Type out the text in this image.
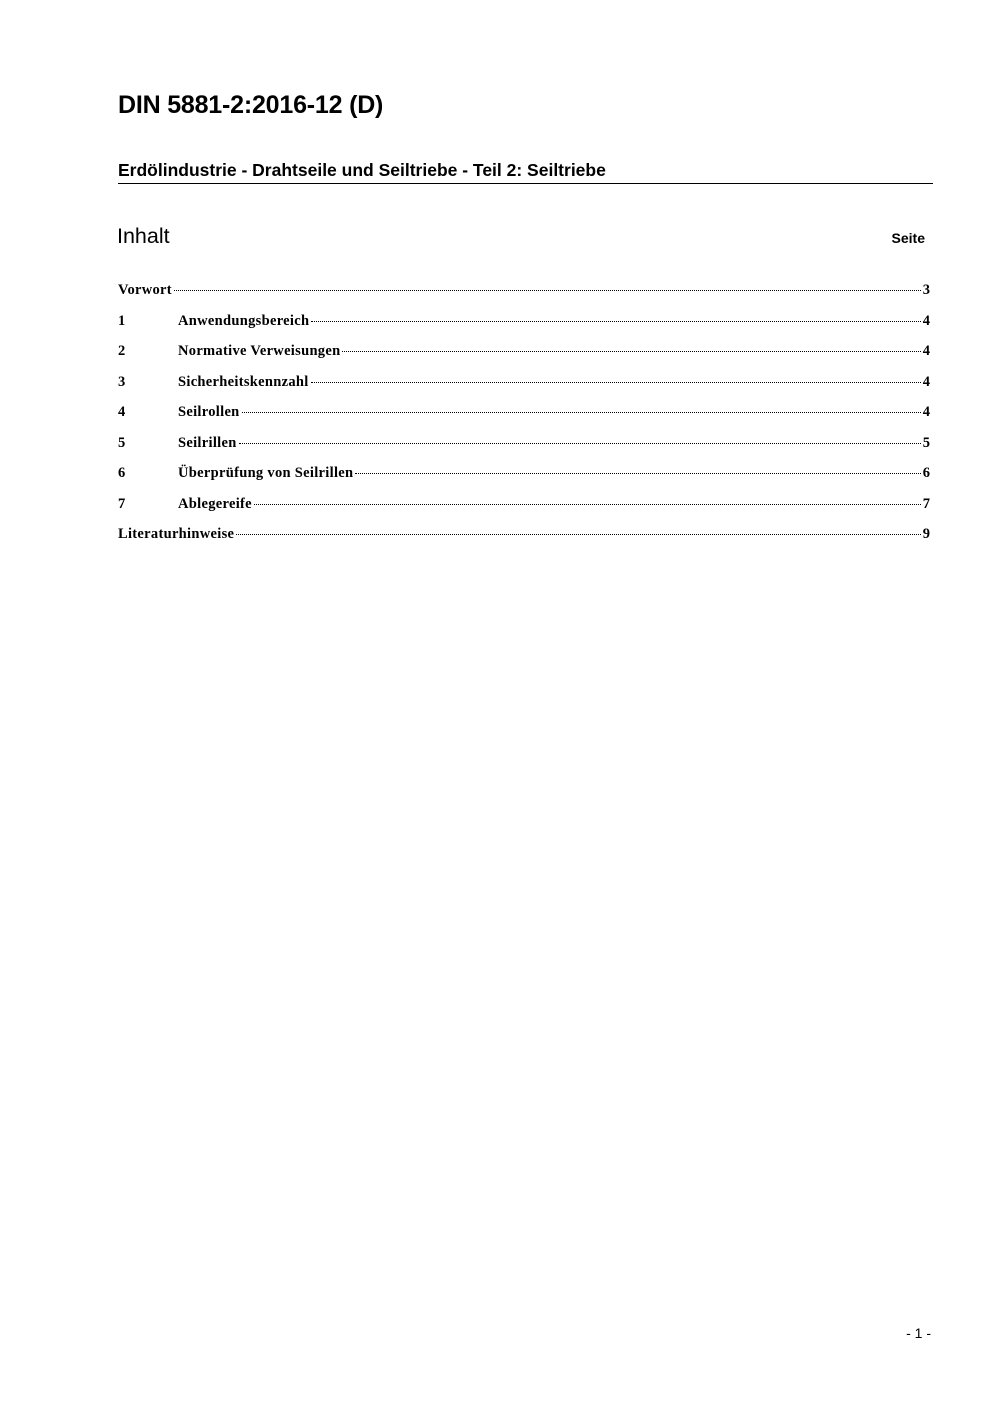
DIN 5881-2:2016-12 (D)
Erdölindustrie - Drahtseile und Seiltriebe - Teil 2: Seiltriebe
Inhalt	Seite
Vorwort	3
1	Anwendungsbereich	4
2	Normative Verweisungen	4
3	Sicherheitskennzahl	4
4	Seilrollen	4
5	Seilrillen	5
6	Überprüfung von Seilrillen	6
7	Ablegereife	7
Literaturhinweise	9
- 1 -
